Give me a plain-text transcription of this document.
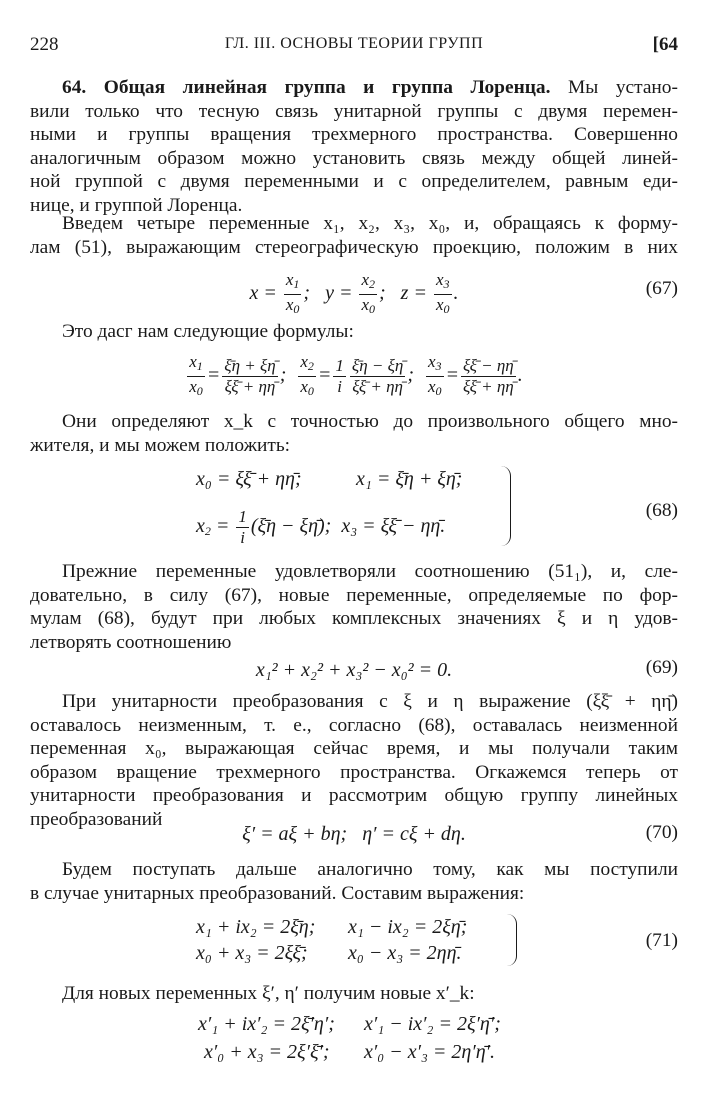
228	ГЛ. III. ОСНОВЫ ТЕОРИИ ГРУПП	[64
64. Общая линейная группа и группа Лоренца. Мы устано-
вили только что тесную связь унитарной группы с двумя перемен-
ными и группы вращения трехмерного пространства. Совершенно
аналогичным образом можно установить связь между общей линей-
ной группой с двумя переменными и с определителем, равным еди-
ницe, и группой Лоренца.
Введем четыре переменные x₁, x₂, x₃, x₀, и, обращаясь к форму-
лам (51), выражающим стереографическую проекцию, положим в них
$x = \frac{x_1}{x_0}$ ;   $y = \frac{x_2}{x_0}$ ;   $z = \frac{x_3}{x_0}$ .	(67)
Это дасг нам следующие формулы:
$\frac{x_1}{x_0} = \frac{\xī\eta + \xi\etā}{\xi\xī + \eta\etā}$ ; $\frac{x_2}{x_0} = \frac{1}{i} \frac{\xī\eta - \xi\etā}{\xi\xī + \eta\etā}$ ; $\frac{x_3}{x_0} = \frac{\xi\xī - \eta\etā}{\xi\xī + \eta\etā}$ .
Они определяют x_k с точностью до произвольного общего мно-
жителя, и мы можем положить:
x₀ = ξξ̄ + ηη̄;	x₁ = ξ̄η + ξη̄;
$x_2 = \frac{1}{i}$ (ξ̄η − ξη̄);  x₃ = ξξ̄ − ηη̄.
(68)
Прежние переменные удовлетворяли соотношению (51₁), и, сле-
довательно, в силу (67), новые переменные, определяемые по фор-
мулам (68), будут при любых комплексных значениях ξ и η удов-
летворять соотношению
x₁² + x₂² + x₃² − x₀² = 0.	(69)
При унитарности преобразования с ξ и η выражение (ξξ̄ + ηη̄)
оставалось неизменным, т. е., согласно (68), оставалась неизменной
переменная x₀, выражающая сейчас время, и мы получали таким
образом вращение трехмерного пространства. Огкажемся теперь от
унитарности преобразования и рассмотрим общую группу линейных
преобразований
ξ′ = aξ + bη;   η′ = cξ + dη.	(70)
Будем поступать дальше аналогично тому, как мы поступили
в случае унитарных преобразований. Составим выражения:
x₁ + ix₂ = 2ξ̄η; x₁ − ix₂ = 2ξη̄;
x₀ + x₃ = 2ξξ̄; x₀ − x₃ = 2ηη̄.
(71)
Для новых переменных ξ′, η′ получим новые x′_k:
x′₁ + ix′₂ = 2ξ̄′η′; x′₁ − ix′₂ = 2ξ′η̄′;
x′₀ + x₃ = 2ξ′ξ̄′; x′₀ − x′₃ = 2η′η̄′.
